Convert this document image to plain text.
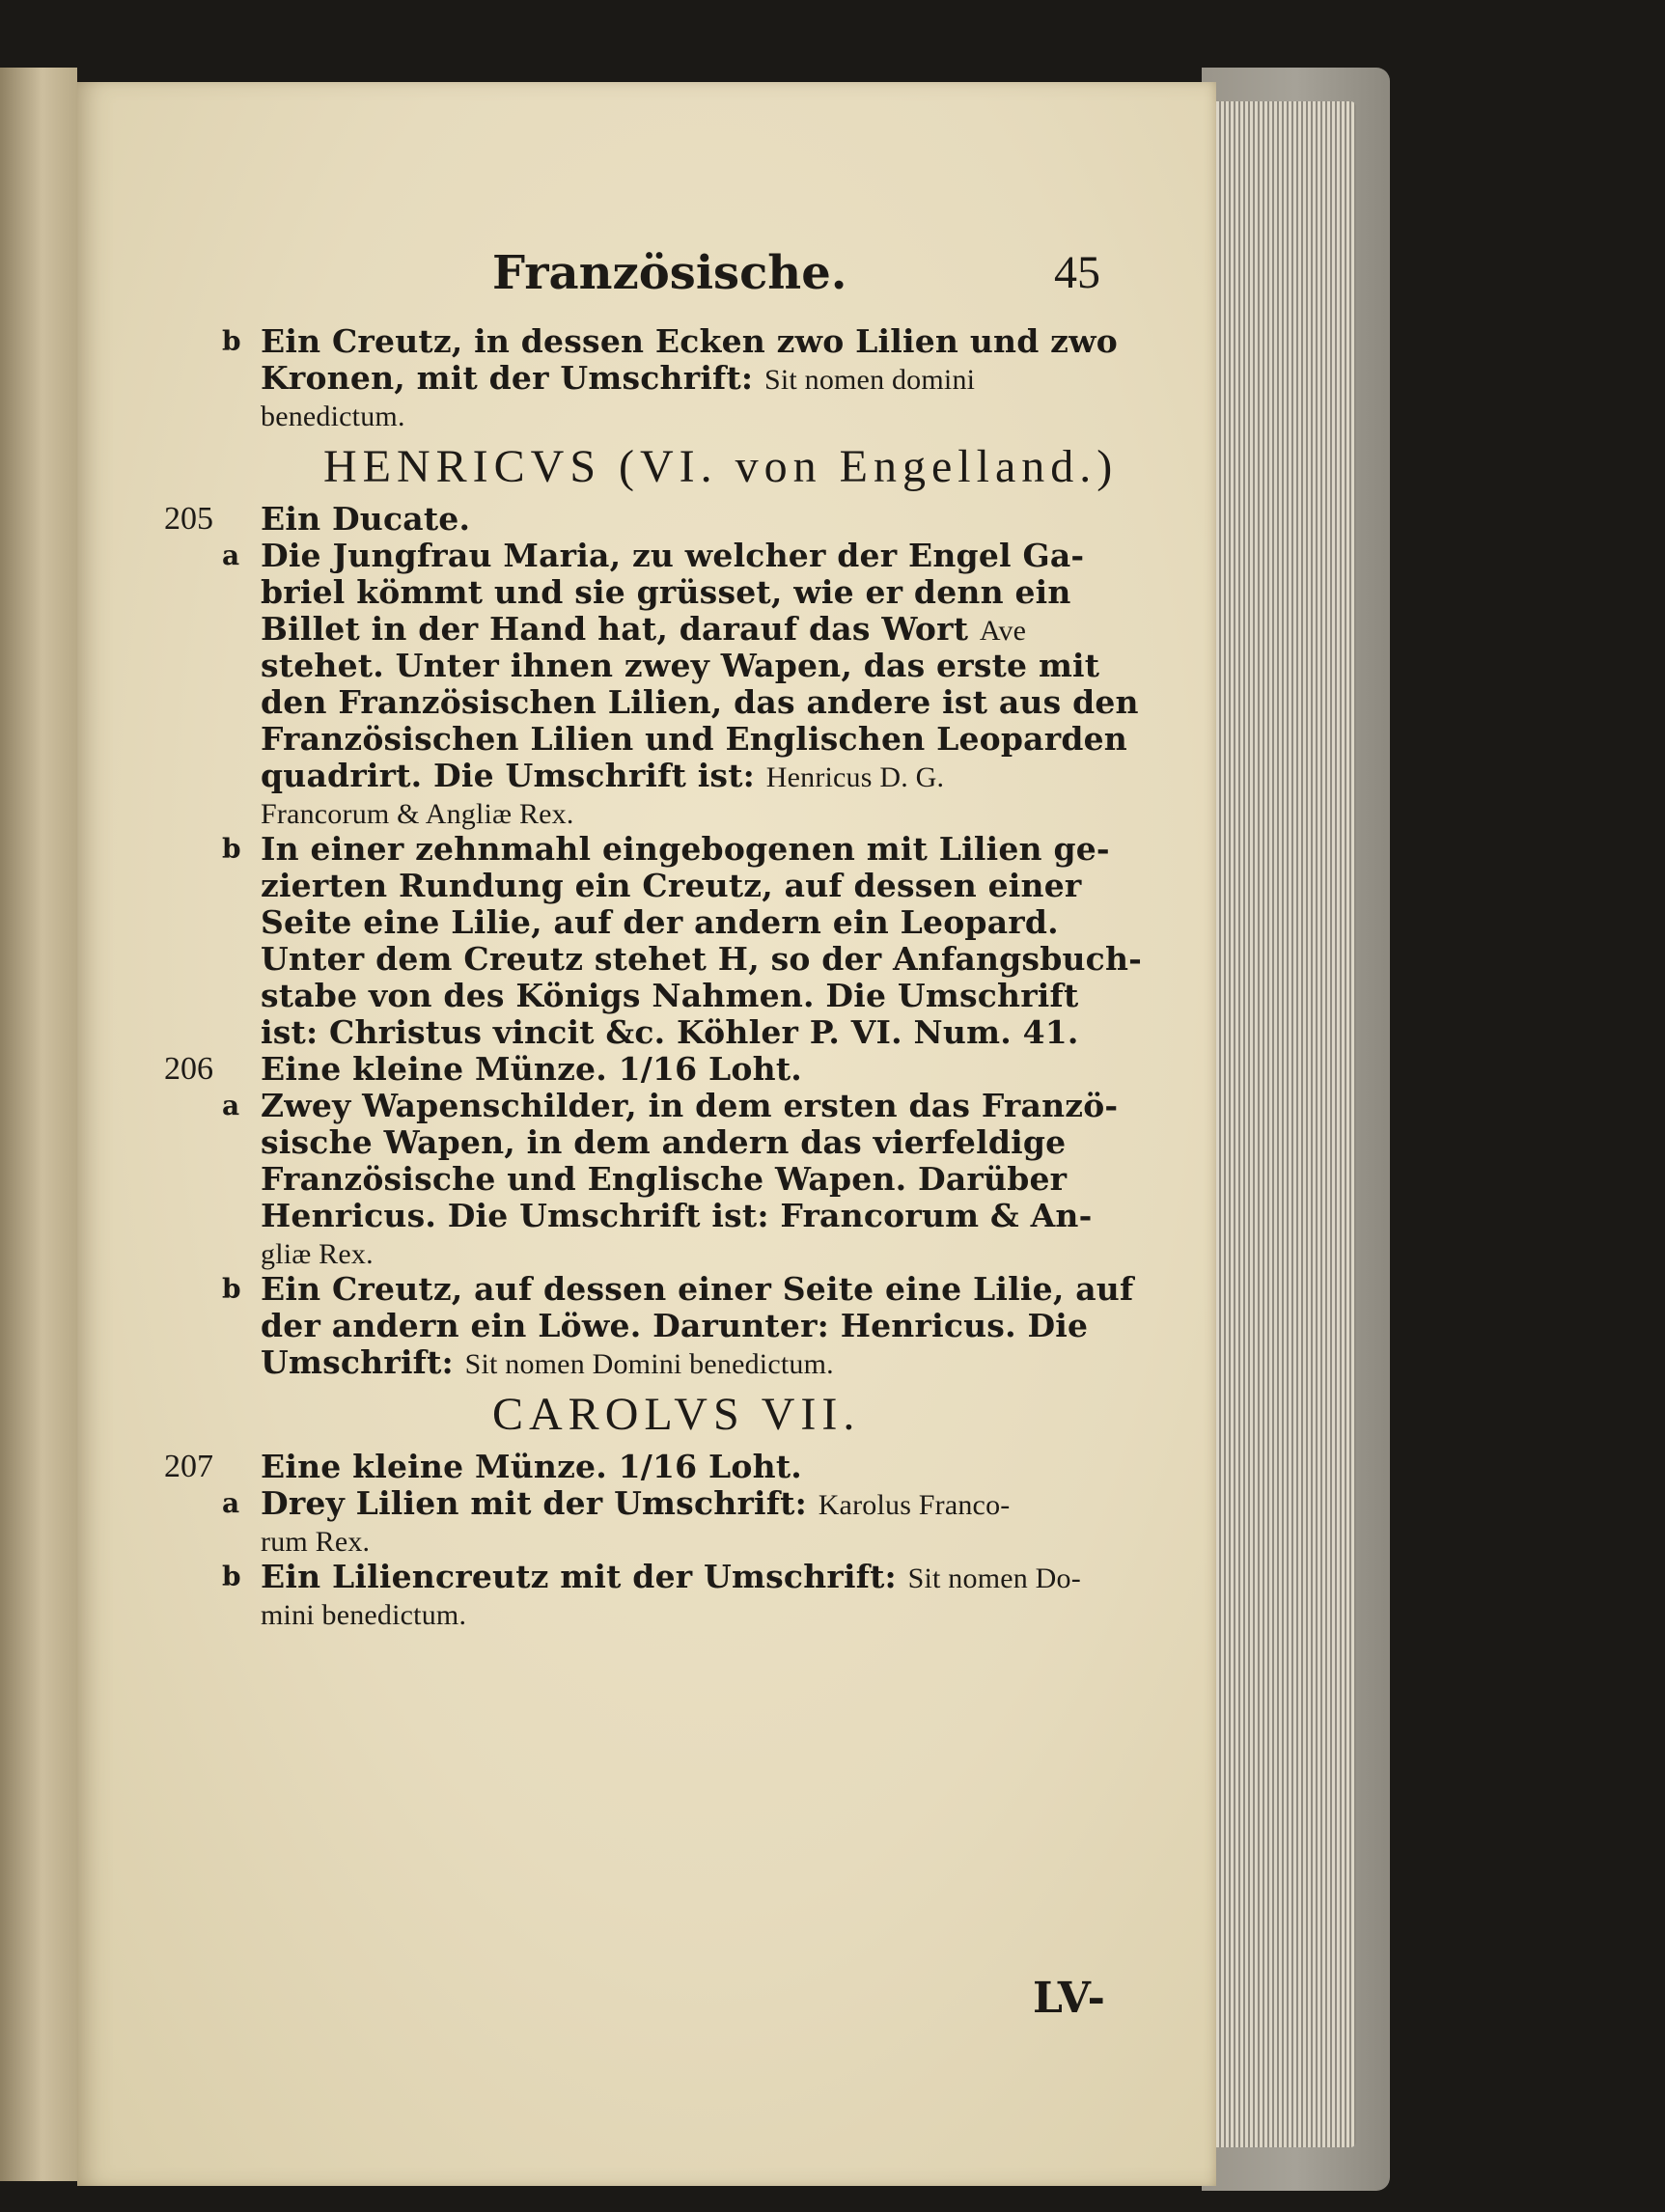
Französische.	45
b Ein Creutz, in dessen Ecken zwo Lilien und zwo
Kronen, mit der Umschrift: Sit nomen domini
benedictum.
HENRICVS (VI. von Engelland.)
205 Ein Ducate.
a Die Jungfrau Maria, zu welcher der Engel Ga-
briel kömmt und sie grüsset, wie er denn ein
Billet in der Hand hat, darauf das Wort Ave
stehet. Unter ihnen zwey Wapen, das erste mit
den Französischen Lilien, das andere ist aus den
Französischen Lilien und Englischen Leoparden
quadrirt. Die Umschrift ist: Henricus D. G.
Francorum & Angliæ Rex.
b In einer zehnmahl eingebogenen mit Lilien ge-
zierten Rundung ein Creutz, auf dessen einer
Seite eine Lilie, auf der andern ein Leopard.
Unter dem Creutz stehet H, so der Anfangsbuch-
stabe von des Königs Nahmen. Die Umschrift
ist: Christus vincit &c. Köhler P. VI. Num. 41.
206 Eine kleine Münze. 1/16 Loht.
a Zwey Wapenschilder, in dem ersten das Franzö-
sische Wapen, in dem andern das vierfeldige
Französische und Englische Wapen. Darüber
Henricus. Die Umschrift ist: Francorum & An-
gliæ Rex.
b Ein Creutz, auf dessen einer Seite eine Lilie, auf
der andern ein Löwe. Darunter: Henricus. Die
Umschrift: Sit nomen Domini benedictum.
CAROLVS VII.
207 Eine kleine Münze. 1/16 Loht.
a Drey Lilien mit der Umschrift: Karolus Franco-
rum Rex.
b Ein Liliencreutz mit der Umschrift: Sit nomen Do-
mini benedictum.
LV-
